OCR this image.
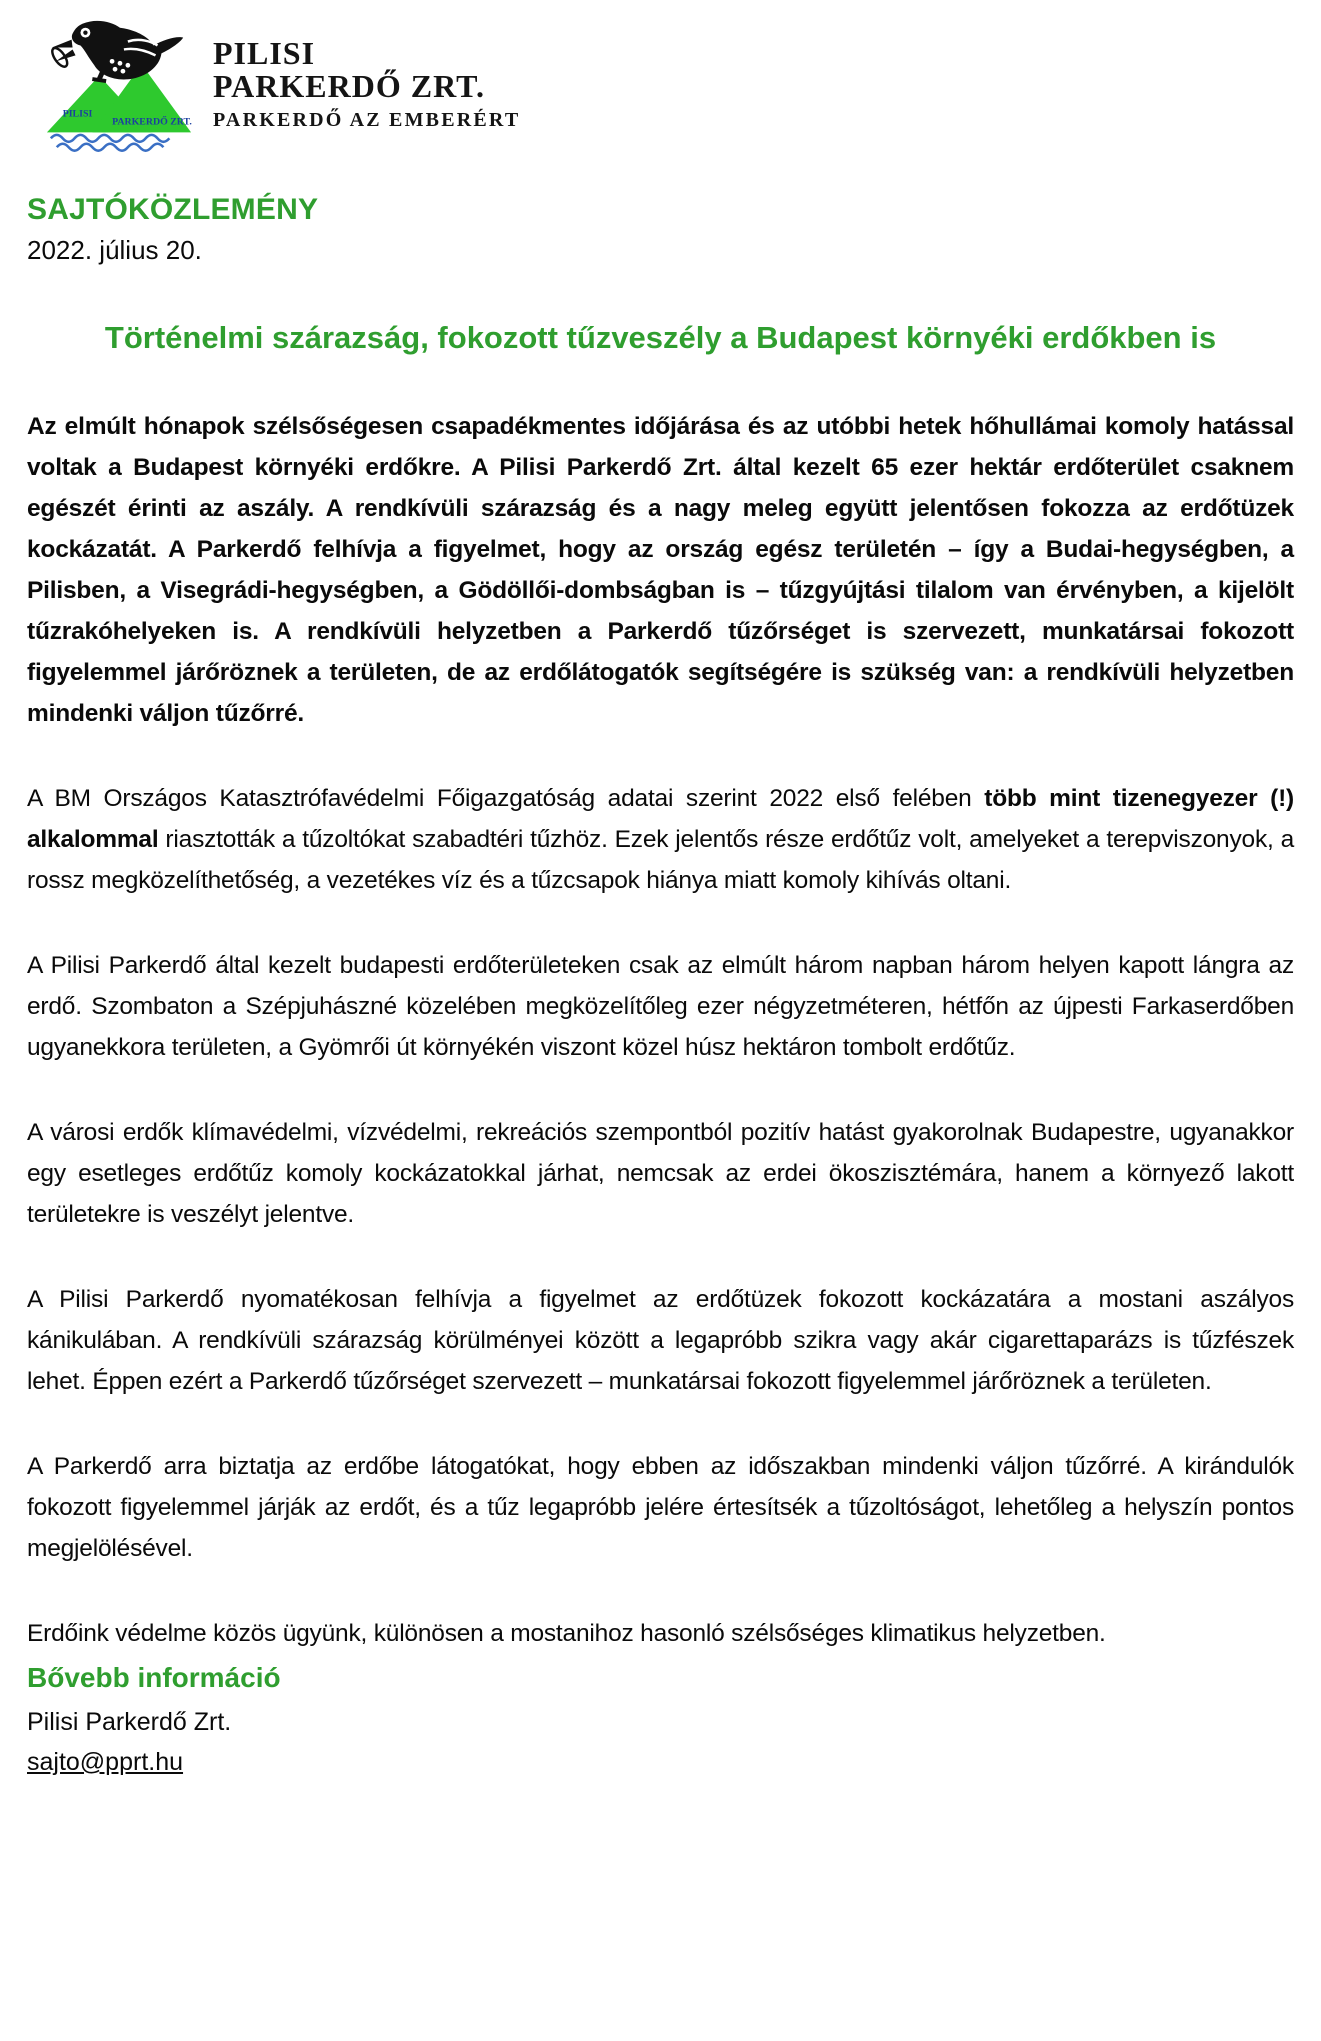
PILISI
PARKERDŐ ZRT.
PILISI
PARKERDŐ ZRT.
PARKERDŐ AZ EMBERÉRT
SAJTÓKÖZLEMÉNY
2022. július 20.
Történelmi szárazság, fokozott tűzveszély a Budapest környéki erdőkben is

Az elmúlt hónapok szélsőségesen csapadékmentes időjárása és az utóbbi hetek hőhullámai komoly hatással voltak a Budapest környéki erdőkre. A Pilisi Parkerdő Zrt. által kezelt 65 ezer hektár erdőterület csaknem egészét érinti az aszály. A rendkívüli szárazság és a nagy meleg együtt jelentősen fokozza az erdőtüzek kockázatát. A Parkerdő felhívja a figyelmet, hogy az ország egész területén – így a Budai-hegységben, a Pilisben, a Visegrádi-hegységben, a Gödöllői-dombságban is – tűzgyújtási tilalom van érvényben, a kijelölt tűzrakóhelyeken is. A rendkívüli helyzetben a Parkerdő tűzőrséget is szervezett, munkatársai fokozott figyelemmel járőröznek a területen, de az erdőlátogatók segítségére is szükség van: a rendkívüli helyzetben mindenki váljon tűzőrré.

A BM Országos Katasztrófavédelmi Főigazgatóság adatai szerint 2022 első felében több mint tizenegyezer (!) alkalommal riasztották a tűzoltókat szabadtéri tűzhöz. Ezek jelentős része erdőtűz volt, amelyeket a terepviszonyok, a rossz megközelíthetőség, a vezetékes víz és a tűzcsapok hiánya miatt komoly kihívás oltani.

A Pilisi Parkerdő által kezelt budapesti erdőterületeken csak az elmúlt három napban három helyen kapott lángra az erdő. Szombaton a Szépjuhászné közelében megközelítőleg ezer négyzetméteren, hétfőn az újpesti Farkaserdőben ugyanekkora területen, a Gyömrői út környékén viszont közel húsz hektáron tombolt erdőtűz.

A városi erdők klímavédelmi, vízvédelmi, rekreációs szempontból pozitív hatást gyakorolnak Budapestre, ugyanakkor egy esetleges erdőtűz komoly kockázatokkal járhat, nemcsak az erdei ökoszisztémára, hanem a környező lakott területekre is veszélyt jelentve.

A Pilisi Parkerdő nyomatékosan felhívja a figyelmet az erdőtüzek fokozott kockázatára a mostani aszályos kánikulában. A rendkívüli szárazság körülményei között a legapróbb szikra vagy akár cigarettaparázs is tűzfészek lehet. Éppen ezért a Parkerdő tűzőrséget szervezett – munkatársai fokozott figyelemmel járőröznek a területen.

A Parkerdő arra biztatja az erdőbe látogatókat, hogy ebben az időszakban mindenki váljon tűzőrré. A kirándulók fokozott figyelemmel járják az erdőt, és a tűz legapróbb jelére értesítsék a tűzoltóságot, lehetőleg a helyszín pontos megjelölésével.

Erdőink védelme közös ügyünk, különösen a mostanihoz hasonló szélsőséges klimatikus helyzetben.

Bővebb információ
Pilisi Parkerdő Zrt.
sajto@pprt.hu
